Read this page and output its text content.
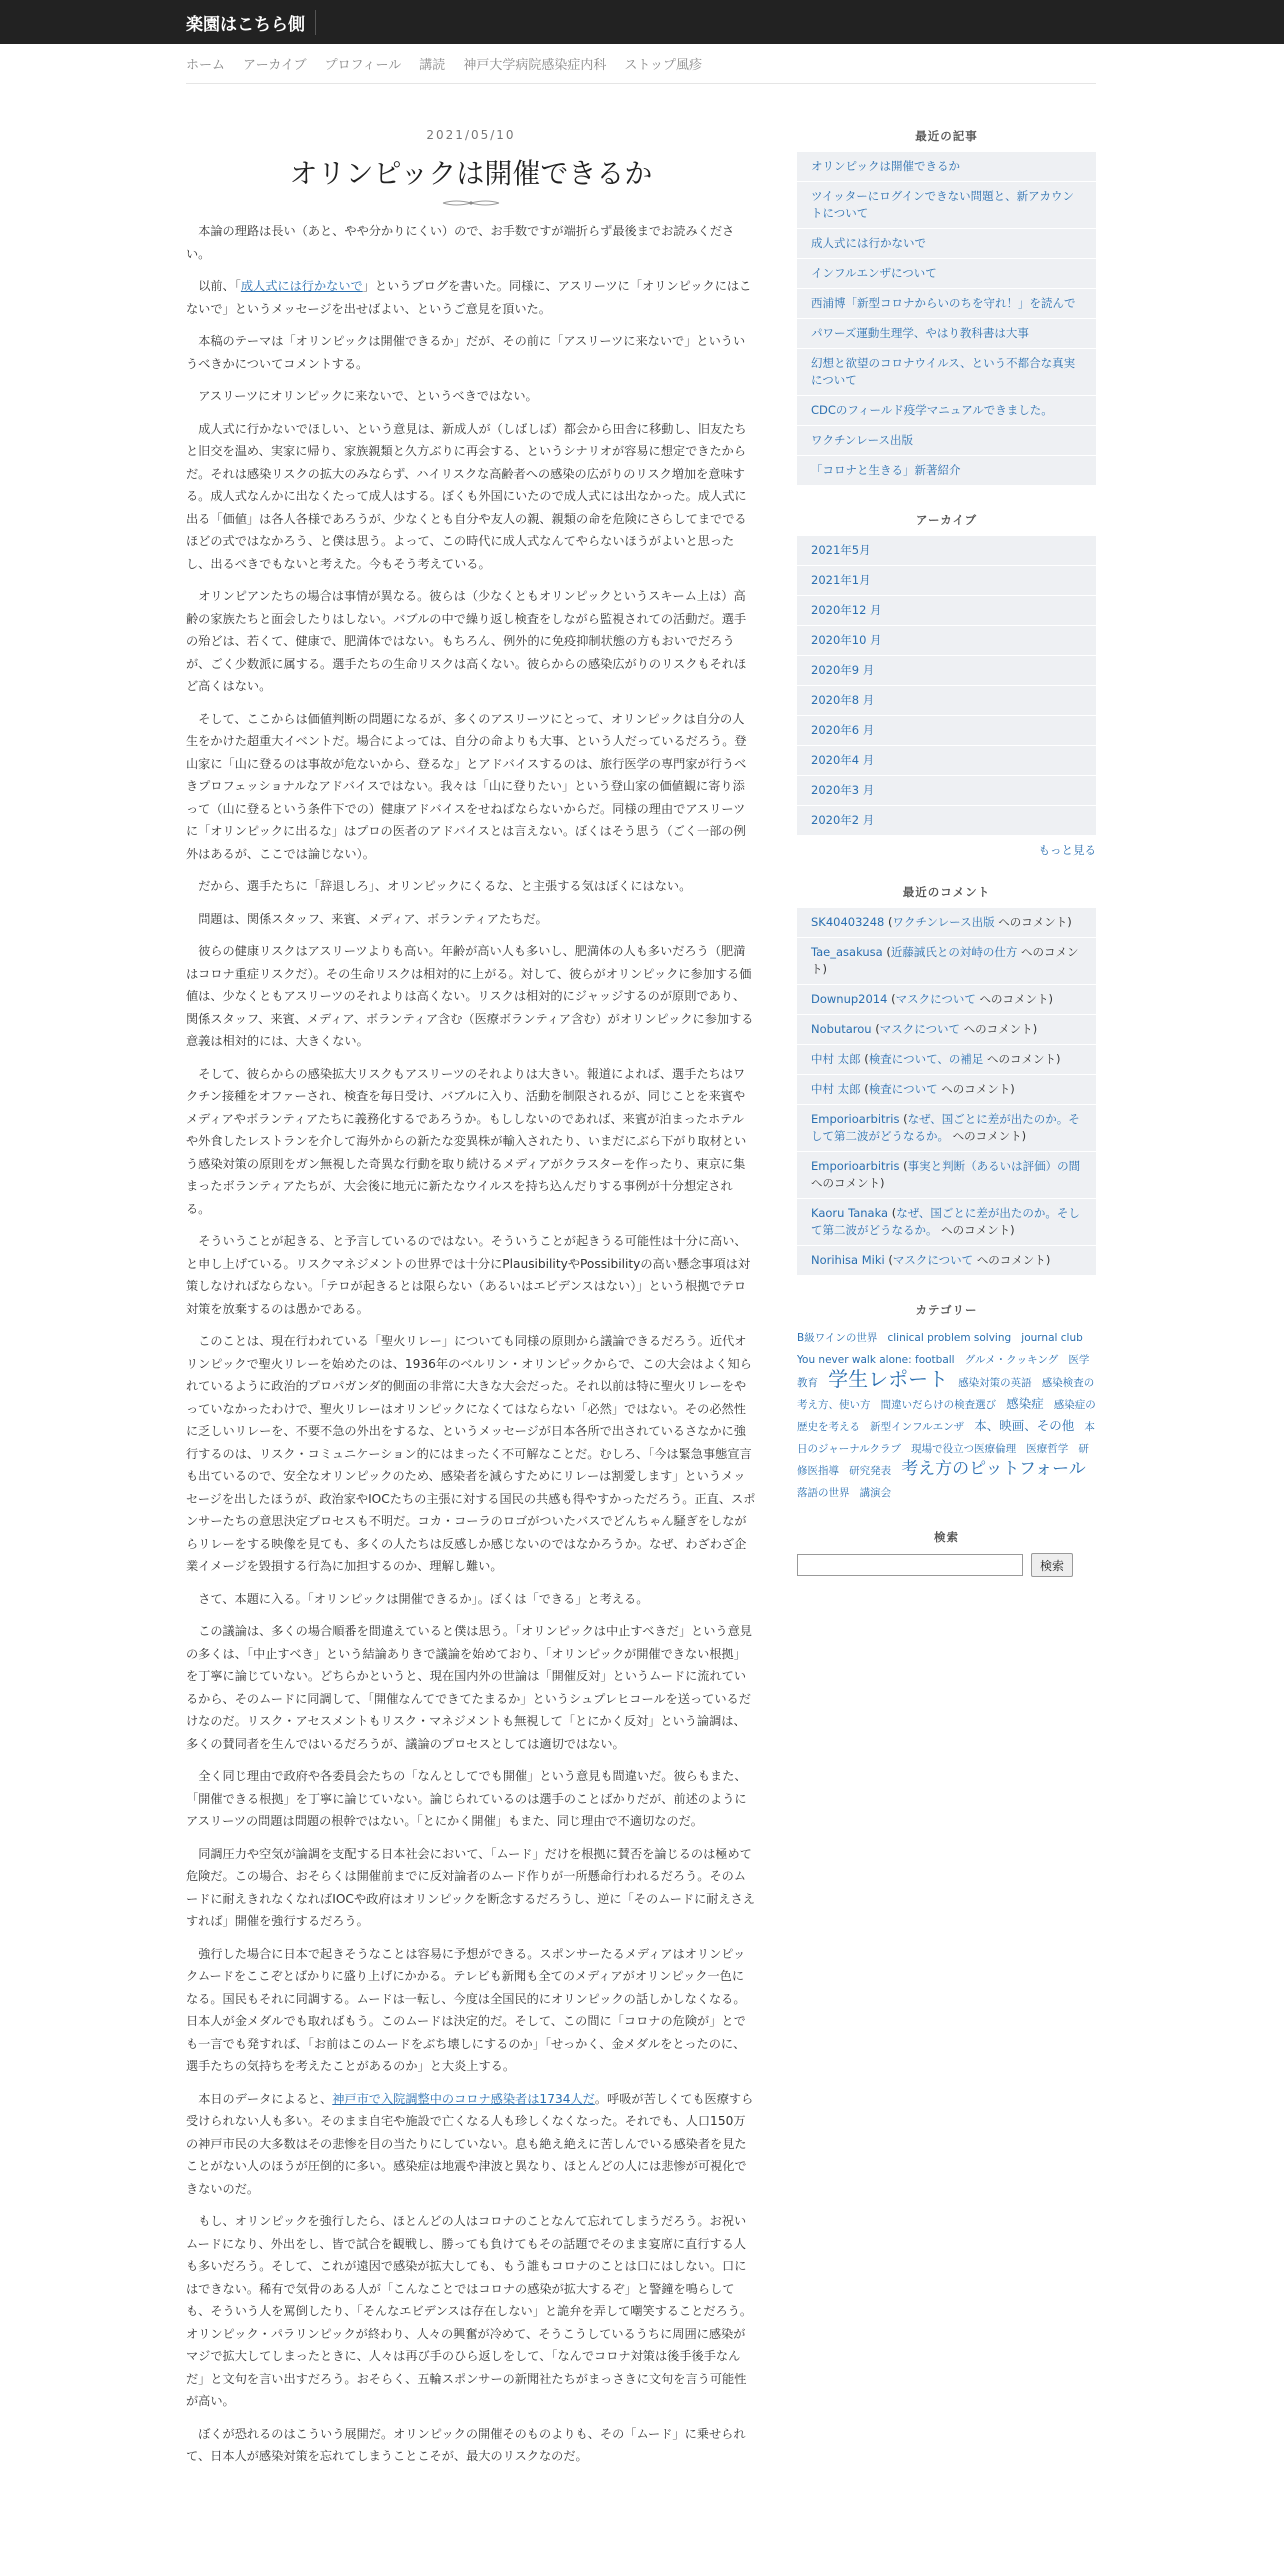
楽園はこちら側
ホーム アーカイブ プロフィール 講読 神戸大学病院感染症内科 ストップ風疹
2021/05/10
オリンピックは開催できるか

本論の理路は長い（あと、やや分かりにくい）ので、お手数ですが端折らず最後までお読みください。

以前、「成人式には行かないで」というブログを書いた。同様に、アスリーツに「オリンピックにはこないで」というメッセージを出せばよい、というご意見を頂いた。

本稿のテーマは「オリンピックは開催できるか」だが、その前に「アスリーツに来ないで」といういうべきかについてコメントする。

アスリーツにオリンピックに来ないで、というべきではない。

成人式に行かないでほしい、という意見は、新成人が（しばしば）都会から田舎に移動し、旧友たちと旧交を温め、実家に帰り、家族親類と久方ぶりに再会する、というシナリオが容易に想定できたからだ。それは感染リスクの拡大のみならず、ハイリスクな高齢者への感染の広がりのリスク増加を意味する。成人式なんかに出なくたって成人はする。ぼくも外国にいたので成人式には出なかった。成人式に出る「価値」は各人各様であろうが、少なくとも自分や友人の親、親類の命を危険にさらしてまででるほどの式ではなかろう、と僕は思う。よって、この時代に成人式なんてやらないほうがよいと思ったし、出るべきでもないと考えた。今もそう考えている。

オリンピアンたちの場合は事情が異なる。彼らは（少なくともオリンピックというスキーム上は）高齢の家族たちと面会したりはしない。バブルの中で繰り返し検査をしながら監視されての活動だ。選手の殆どは、若くて、健康で、肥満体ではない。もちろん、例外的に免疫抑制状態の方もおいでだろうが、ごく少数派に属する。選手たちの生命リスクは高くない。彼らからの感染広がりのリスクもそれほど高くはない。

そして、ここからは価値判断の問題になるが、多くのアスリーツにとって、オリンピックは自分の人生をかけた超重大イベントだ。場合によっては、自分の命よりも大事、という人だっているだろう。登山家に「山に登るのは事故が危ないから、登るな」とアドバイスするのは、旅行医学の専門家が行うべきプロフェッショナルなアドバイスではない。我々は「山に登りたい」という登山家の価値観に寄り添って（山に登るという条件下での）健康アドバイスをせねばならないからだ。同様の理由でアスリーツに「オリンピックに出るな」はプロの医者のアドバイスとは言えない。ぼくはそう思う（ごく一部の例外はあるが、ここでは論じない）。

だから、選手たちに「辞退しろ」、オリンピックにくるな、と主張する気はぼくにはない。

問題は、関係スタッフ、来賓、メディア、ボランティアたちだ。

彼らの健康リスクはアスリーツよりも高い。年齢が高い人も多いし、肥満体の人も多いだろう（肥満はコロナ重症リスクだ）。その生命リスクは相対的に上がる。対して、彼らがオリンピックに参加する価値は、少なくともアスリーツのそれよりは高くない。リスクは相対的にジャッジするのが原則であり、関係スタッフ、来賓、メディア、ボランティア含む（医療ボランティア含む）がオリンピックに参加する意義は相対的には、大きくない。

そして、彼らからの感染拡大リスクもアスリーツのそれよりは大きい。報道によれば、選手たちはワクチン接種をオファーされ、検査を毎日受け、バブルに入り、活動を制限されるが、同じことを来賓やメディアやボランティアたちに義務化するであろうか。もししないのであれば、来賓が泊まったホテルや外食したレストランを介して海外からの新たな変異株が輸入されたり、いまだにぶら下がり取材という感染対策の原則をガン無視した奇異な行動を取り続けるメディアがクラスターを作ったり、東京に集まったボランティアたちが、大会後に地元に新たなウイルスを持ち込んだりする事例が十分想定される。

そういうことが起きる、と予言しているのではない。そういうことが起きうる可能性は十分に高い、と申し上げている。リスクマネジメントの世界では十分にPlausibilityやPossibilityの高い懸念事項は対策しなければならない。「テロが起きるとは限らない（あるいはエビデンスはない）」という根拠でテロ対策を放棄するのは愚かである。

このことは、現在行われている「聖火リレー」についても同様の原則から議論できるだろう。近代オリンピックで聖火リレーを始めたのは、1936年のベルリン・オリンピックからで、この大会はよく知られているように政治的プロパガンダ的側面の非常に大きな大会だった。それ以前は特に聖火リレーをやっていなかったわけで、聖火リレーはオリンピックになくてはならない「必然」ではない。その必然性に乏しいリレーを、不要不急の外出をするな、というメッセージが日本各所で出されているさなかに強行するのは、リスク・コミュニケーション的にはまったく不可解なことだ。むしろ、「今は緊急事態宣言も出ているので、安全なオリンピックのため、感染者を減らすためにリレーは割愛します」というメッセージを出したほうが、政治家やIOCたちの主張に対する国民の共感も得やすかっただろう。正直、スポンサーたちの意思決定プロセスも不明だ。コカ・コーラのロゴがついたバスでどんちゃん騒ぎをしながらリレーをする映像を見ても、多くの人たちは反感しか感じないのではなかろうか。なぜ、わざわざ企業イメージを毀損する行為に加担するのか、理解し難い。

さて、本題に入る。「オリンピックは開催できるか」。ぼくは「できる」と考える。

この議論は、多くの場合順番を間違えていると僕は思う。「オリンピックは中止すべきだ」という意見の多くは、「中止すべき」という結論ありきで議論を始めており、「オリンピックが開催できない根拠」を丁寧に論じていない。どちらかというと、現在国内外の世論は「開催反対」というムードに流れているから、そのムードに同調して、「開催なんてできてたまるか」というシュプレヒコールを送っているだけなのだ。リスク・アセスメントもリスク・マネジメントも無視して「とにかく反対」という論調は、多くの賛同者を生んではいるだろうが、議論のプロセスとしては適切ではない。

全く同じ理由で政府や各委員会たちの「なんとしてでも開催」という意見も間違いだ。彼らもまた、「開催できる根拠」を丁寧に論じていない。論じられているのは選手のことばかりだが、前述のようにアスリーツの問題は問題の根幹ではない。「とにかく開催」もまた、同じ理由で不適切なのだ。

同調圧力や空気が論調を支配する日本社会において、「ムード」だけを根拠に賛否を論じるのは極めて危険だ。この場合、おそらくは開催前までに反対論者のムード作りが一所懸命行われるだろう。そのムードに耐えきれなくなればIOCや政府はオリンピックを断念するだろうし、逆に「そのムードに耐えさえすれば」開催を強行するだろう。

強行した場合に日本で起きそうなことは容易に予想ができる。スポンサーたるメディアはオリンピックムードをここぞとばかりに盛り上げにかかる。テレビも新聞も全てのメディアがオリンピック一色になる。国民もそれに同調する。ムードは一転し、今度は全国民的にオリンピックの話しかしなくなる。日本人が金メダルでも取ればもう。このムードは決定的だ。そして、この間に「コロナの危険が」とでも一言でも発すれば、「お前はこのムードをぶち壊しにするのか」「せっかく、金メダルをとったのに、選手たちの気持ちを考えたことがあるのか」と大炎上する。

本日のデータによると、神戸市で入院調整中のコロナ感染者は1734人だ。呼吸が苦しくても医療すら受けられない人も多い。そのまま自宅や施設で亡くなる人も珍しくなくなった。それでも、人口150万の神戸市民の大多数はその悲惨を目の当たりにしていない。息も絶え絶えに苦しんでいる感染者を見たことがない人のほうが圧倒的に多い。感染症は地震や津波と異なり、ほとんどの人には悲惨が可視化できないのだ。

もし、オリンピックを強行したら、ほとんどの人はコロナのことなんて忘れてしまうだろう。お祝いムードになり、外出をし、皆で試合を観戦し、勝っても負けてもその話題でそのまま宴席に直行する人も多いだろう。そして、これが遠因で感染が拡大しても、もう誰もコロナのことは口にはしない。口にはできない。稀有で気骨のある人が「こんなことではコロナの感染が拡大するぞ」と警鐘を鳴らしても、そういう人を罵倒したり、「そんなエビデンスは存在しない」と詭弁を弄して嘲笑することだろう。オリンピック・パラリンピックが終わり、人々の興奮が冷めて、そうこうしているうちに周囲に感染がマジで拡大してしまったときに、人々は再び手のひら返しをして、「なんでコロナ対策は後手後手なんだ」と文句を言い出すだろう。おそらく、五輪スポンサーの新聞社たちがまっさきに文句を言う可能性が高い。

ぼくが恐れるのはこういう展開だ。オリンピックの開催そのものよりも、その「ムード」に乗せられて、日本人が感染対策を忘れてしまうことこそが、最大のリスクなのだ。

最近の記事
オリンピックは開催できるか
ツイッターにログインできない問題と、新アカウントについて
成人式には行かないで
インフルエンザについて
西浦博「新型コロナからいのちを守れ！」を読んで
パワーズ運動生理学、やはり教科書は大事
幻想と欲望のコロナウイルス、という不都合な真実について
CDCのフィールド疫学マニュアルできました。
ワクチンレース出版
「コロナと生きる」新著紹介
アーカイブ
2021年5月
2021年1月
2020年12 月
2020年10 月
2020年9 月
2020年8 月
2020年6 月
2020年4 月
2020年3 月
2020年2 月
もっと見る
最近のコメント
SK40403248 (ワクチンレース出版 へのコメント)
Tae_asakusa (近藤誠氏との対峙の仕方 へのコメント)
Downup2014 (マスクについて へのコメント)
Nobutarou (マスクについて へのコメント)
中村 太郎 (検査について、の補足 へのコメント)
中村 太郎 (検査について へのコメント)
Emporioarbitris (なぜ、国ごとに差が出たのか。そして第二波がどうなるか。 へのコメント)
Emporioarbitris (事実と判断（あるいは評価）の間 へのコメント)
Kaoru Tanaka (なぜ、国ごとに差が出たのか。そして第二波がどうなるか。 へのコメント)
Norihisa Miki (マスクについて へのコメント)
カテゴリー
B級ワインの世界 clinical problem solving journal club You never walk alone: football グルメ・クッキング 医学教育 学生レポート 感染対策の英語 感染検査の考え方、使い方 間違いだらけの検査選び 感染症 感染症の歴史を考える 新型インフルエンザ 本、映画、その他 本日のジャーナルクラブ 現場で役立つ医療倫理 医療哲学 研修医指導 研究発表 考え方のピットフォール 落語の世界 講演会
検索
検索
